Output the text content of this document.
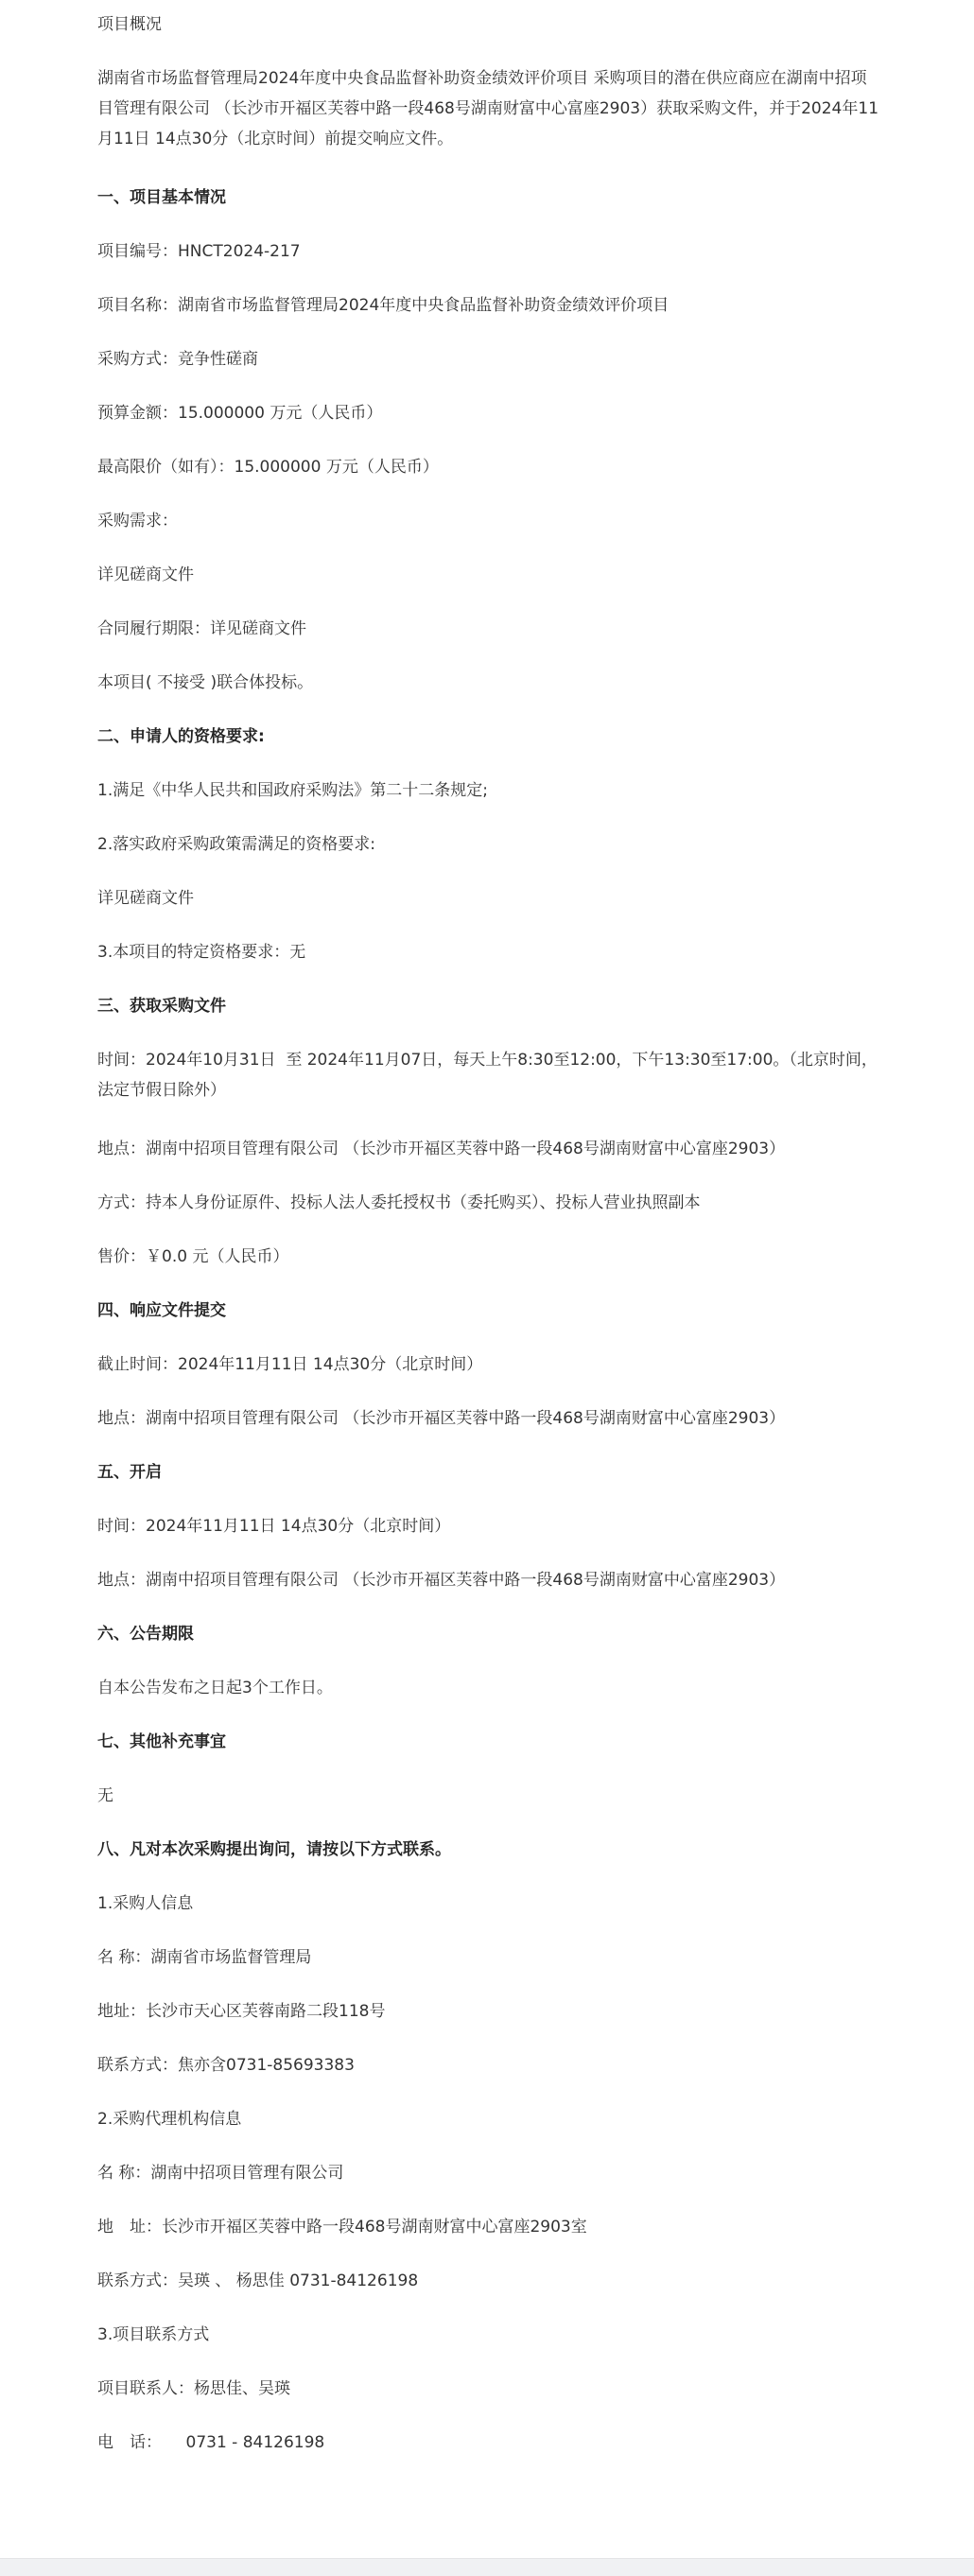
项目概况

湖南省市场监督管理局2024年度中央食品监督补助资金绩效评价项目 采购项目的潜在供应商应在湖南中招项目管理有限公司 （长沙市开福区芙蓉中路一段468号湖南财富中心富座2903）获取采购文件，并于2024年11月11日 14点30分（北京时间）前提交响应文件。

一、项目基本情况

项目编号：HNCT2024-217

项目名称：湖南省市场监督管理局2024年度中央食品监督补助资金绩效评价项目

采购方式：竞争性磋商

预算金额：15.000000 万元（人民币）

最高限价（如有）：15.000000 万元（人民币）

采购需求：

详见磋商文件

合同履行期限：详见磋商文件

本项目( 不接受 )联合体投标。

二、申请人的资格要求:

1.满足《中华人民共和国政府采购法》第二十二条规定;

2.落实政府采购政策需满足的资格要求:

详见磋商文件

3.本项目的特定资格要求：无

三、获取采购文件

时间：2024年10月31日  至 2024年11月07日，每天上午8:30至12:00，下午13:30至17:00。（北京时间，法定节假日除外）

地点：湖南中招项目管理有限公司 （长沙市开福区芙蓉中路一段468号湖南财富中心富座2903）

方式：持本人身份证原件、投标人法人委托授权书（委托购买）、投标人营业执照副本

售价：￥0.0 元（人民币）

四、响应文件提交

截止时间：2024年11月11日 14点30分（北京时间）

地点：湖南中招项目管理有限公司 （长沙市开福区芙蓉中路一段468号湖南财富中心富座2903）

五、开启

时间：2024年11月11日 14点30分（北京时间）

地点：湖南中招项目管理有限公司 （长沙市开福区芙蓉中路一段468号湖南财富中心富座2903）

六、公告期限

自本公告发布之日起3个工作日。

七、其他补充事宜

无

八、凡对本次采购提出询问，请按以下方式联系。

1.采购人信息

名 称：湖南省市场监督管理局

地址：长沙市天心区芙蓉南路二段118号

联系方式：焦亦含0731-85693383

2.采购代理机构信息

名 称：湖南中招项目管理有限公司

地　址：长沙市开福区芙蓉中路一段468号湖南财富中心富座2903室

联系方式：吴瑛 、 杨思佳 0731-84126198

3.项目联系方式

项目联系人：杨思佳、吴瑛

电　话：　　0731 - 84126198
